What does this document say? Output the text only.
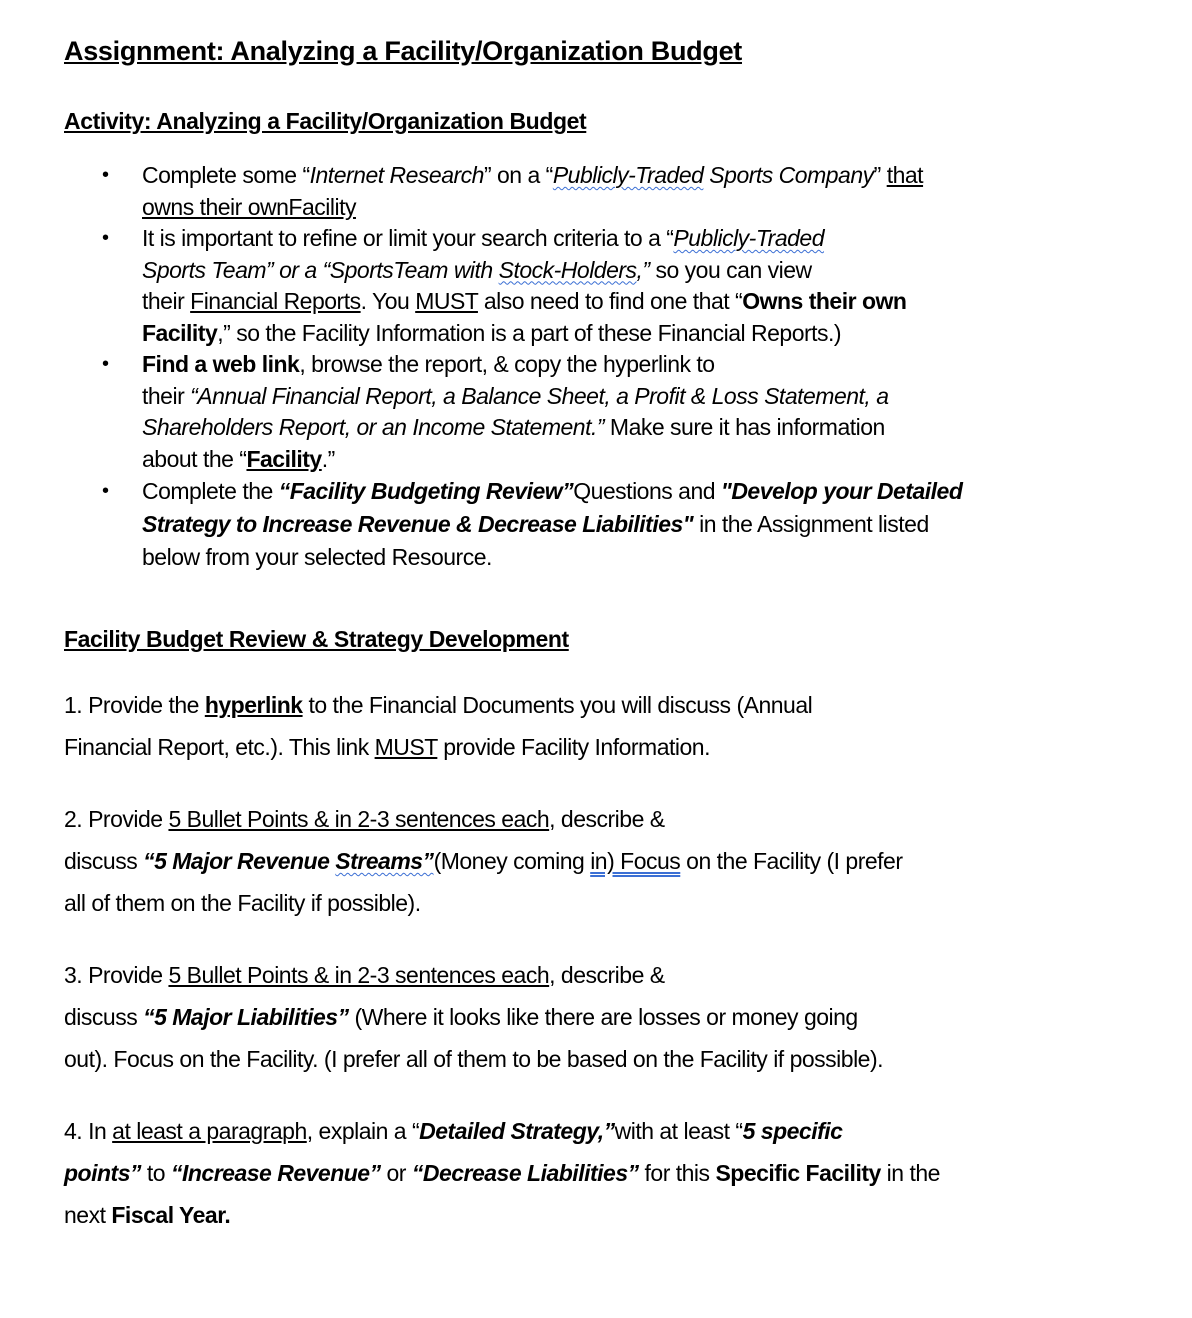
Assignment: Analyzing a Facility/Organization Budget
Activity: Analyzing a Facility/Organization Budget
• Complete some “Internet Research” on a “Publicly-Traded Sports Company” that
owns their ownFacility
• It is important to refine or limit your search criteria to a “Publicly-Traded
Sports Team” or a “SportsTeam with Stock-Holders,” so you can view
their Financial Reports. You MUST also need to find one that “Owns their own
Facility,” so the Facility Information is a part of these Financial Reports.)
• Find a web link, browse the report, & copy the hyperlink to
their “Annual Financial Report, a Balance Sheet, a Profit & Loss Statement, a
Shareholders Report, or an Income Statement.” Make sure it has information
about the “Facility.”
• Complete the “Facility Budgeting Review”Questions and "Develop your Detailed
Strategy to Increase Revenue & Decrease Liabilities" in the Assignment listed
below from your selected Resource.
Facility Budget Review & Strategy Development

1. Provide the hyperlink to the Financial Documents you will discuss (Annual
Financial Report, etc.). This link MUST provide Facility Information.

2. Provide 5 Bullet Points & in 2-3 sentences each, describe &
discuss “5 Major Revenue Streams”(Money coming in) Focus on the Facility (I prefer
all of them on the Facility if possible).

3. Provide 5 Bullet Points & in 2-3 sentences each, describe &
discuss “5 Major Liabilities” (Where it looks like there are losses or money going
out). Focus on the Facility. (I prefer all of them to be based on the Facility if possible).

4. In at least a paragraph, explain a “Detailed Strategy,”with at least “5 specific
points” to “Increase Revenue” or “Decrease Liabilities” for this Specific Facility in the
next Fiscal Year.
